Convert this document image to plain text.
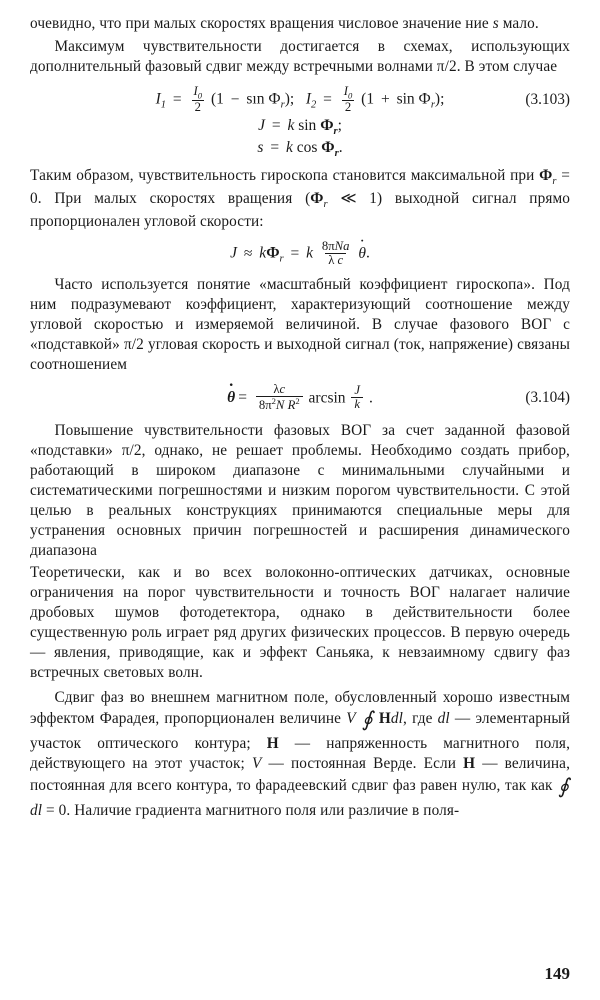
очевидно, что при малых скоростях вращения числовое значение ние s мало.

Максимум чувствительности достигается в схемах, использующих дополнительный фазовый сдвиг между встречными волнами π/2. В этом случае

$I_1 = \frac{I_0}{2} (1$ − sın $Ф_r$);   $I_2 = \frac{I_0}{2} (1 + \sin Ф_r)$;	(3.103)
J = k $\sin Ф_r$;
s = k $\cos Ф_r$.

Таким образом, чувствительность гироскопа становится максимальной при $Ф_r = 0$. При малых скоростях вращения ($Ф_r$ ≪ 1) выходной сигнал прямо пропорционален угловой скорости:

$J \approx kФ_r = k \frac{\text{8πNa}}{\text{λ c}} \cdot \theta$.

Часто используется понятие «масштабный коэффициент гироскопа». Под ним подразумевают коэффициент, характеризующий соотношение между угловой скоростью и измеряемой величиной. В случае фазового ВОГ с «подставкой» π/2 угловая скорость и выходной сигнал (ток, напряжение) связаны соотношением

· $\theta = \frac{\lambda c}{8\pi^2N R^2}$ $\arcsin \frac{J}{k}$ .	(3.104)

Повышение чувствительности фазовых ВОГ за счет заданной фазовой «подставки» π/2, однако, не решает проблемы. Необходимо создать прибор, работающий в широком диапазоне с минимальными случайными и систематическими погрешностями и низким порогом чувствительности. С этой целью в реальных конструкциях принимаются специальные меры для устранения основных причин погрешностей и расширения динамического диапазона

Теоретически, как и во всех волоконно-оптических датчиках, основные ограничения на порог чувствительности и точность ВОГ налагает наличие дробовых шумов фотодетектора, однако в действительности более существенную роль играет ряд других физических процессов. В первую очередь — явления, приводящие, как и эффект Саньяка, к невзаимному сдвигу фаз встречных световых волн.

Сдвиг фаз во внешнем магнитном поле, обусловленный хорошо известным эффектом Фарадея, пропорционален величине V ∮ Hdl, где dl — элементарный участок оптического контура; H — напряженность магнитного поля, действующего на этот участок; V — постоянная Верде. Если H — величина, постоянная для всего контура, то фарадеевский сдвиг фаз равен нулю, так как ∮ dl = 0. Наличие градиента магнитного поля или различие в поля-

149
